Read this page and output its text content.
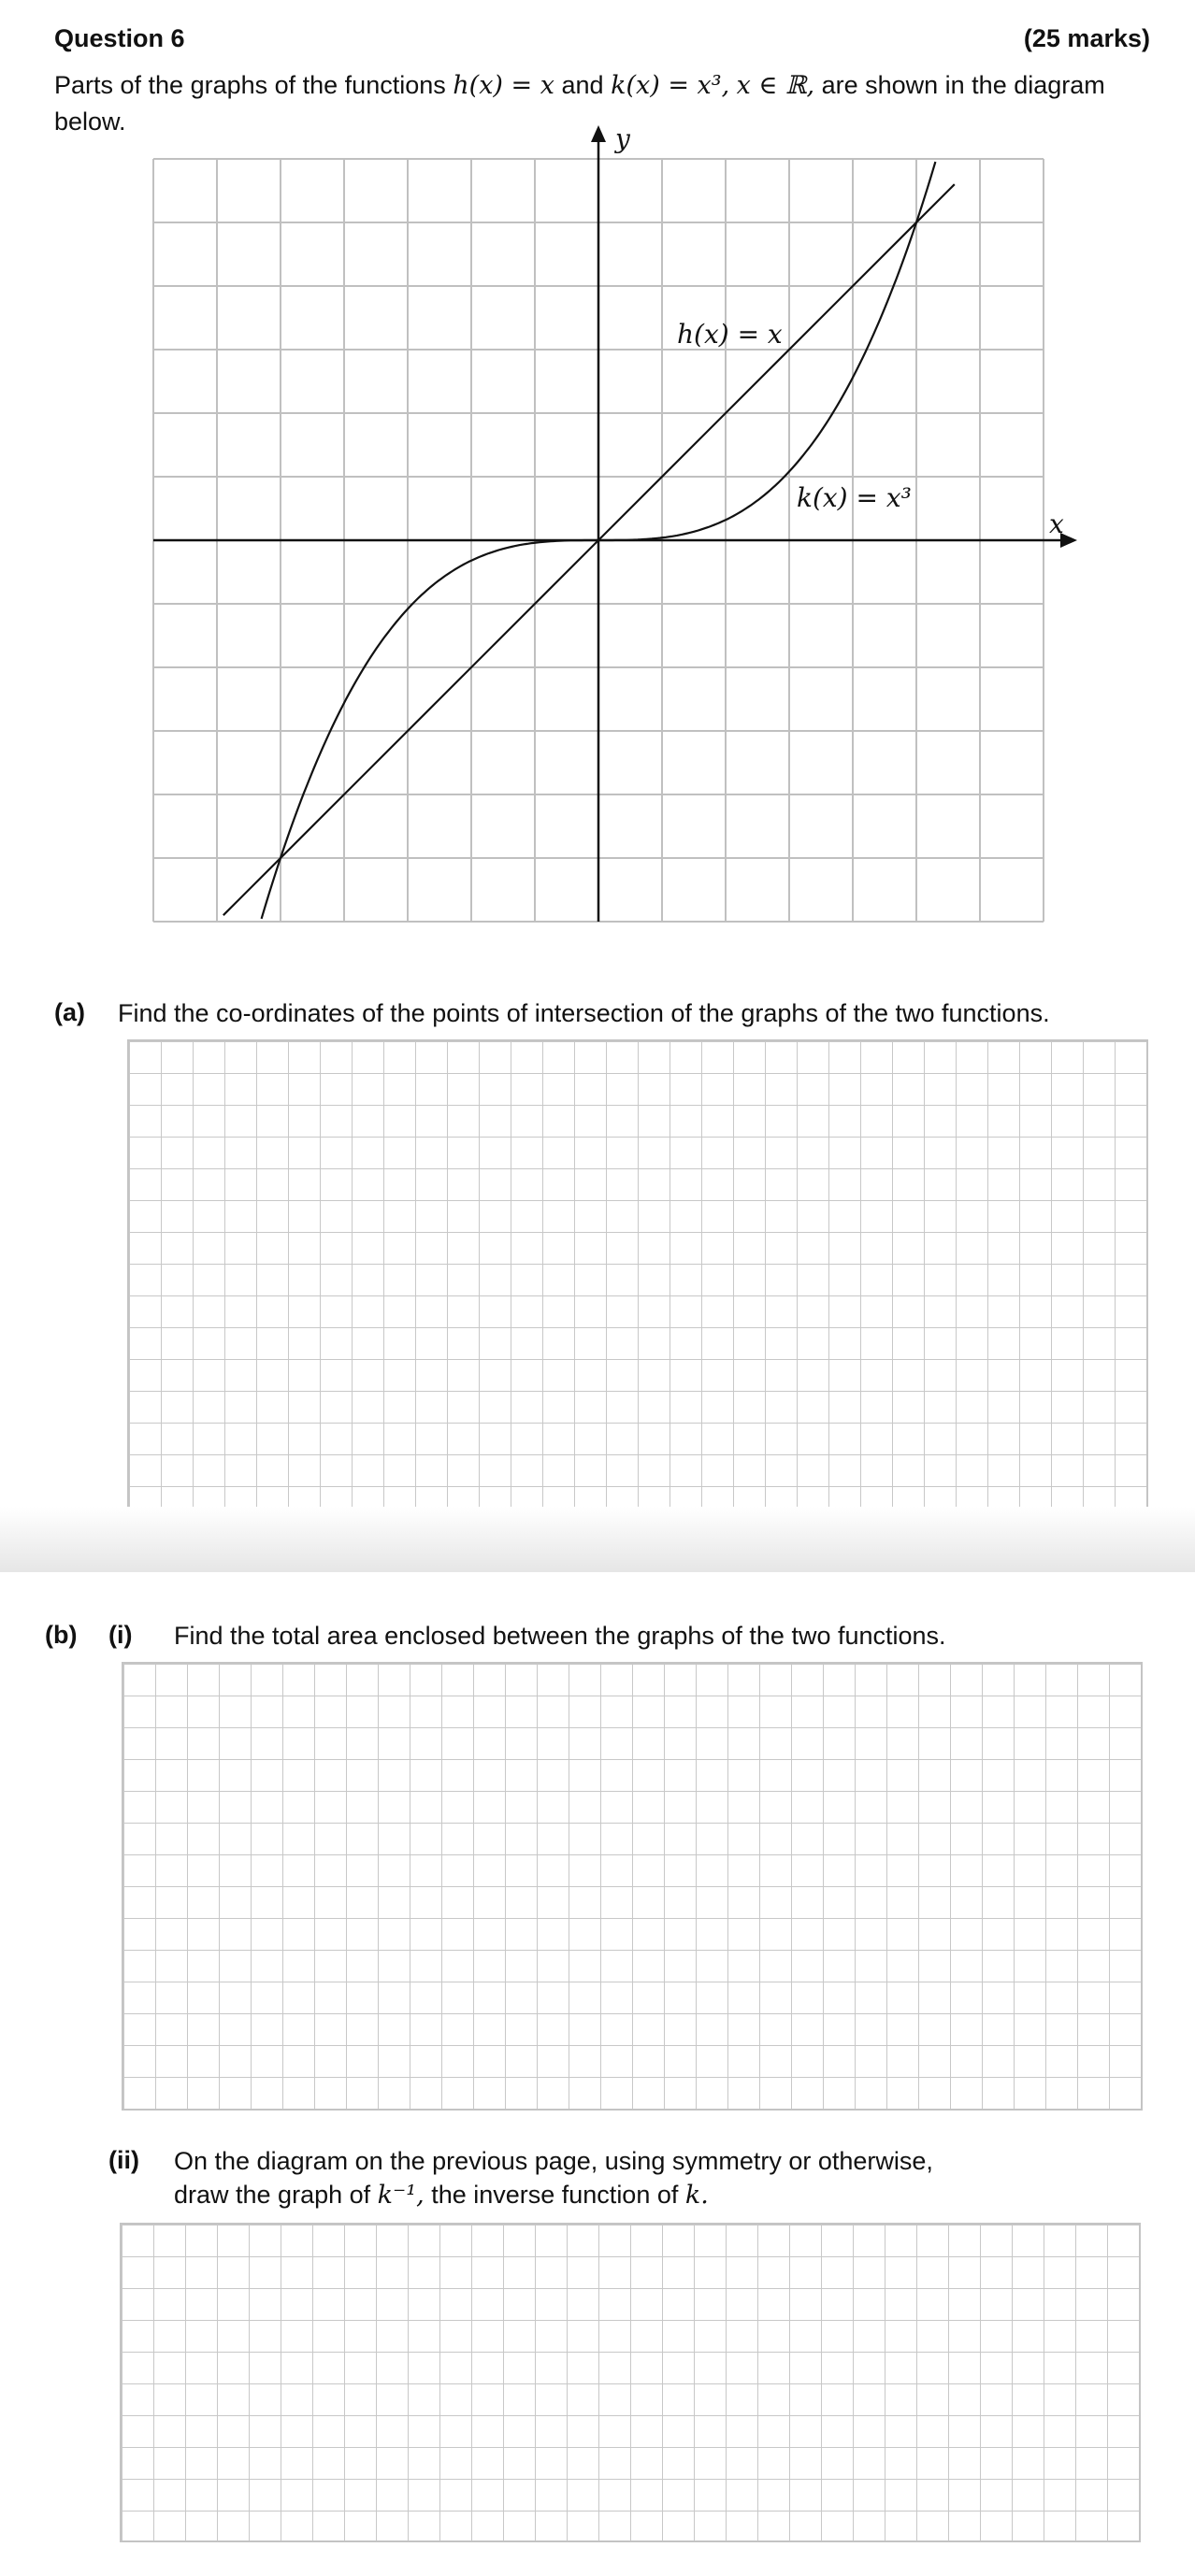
Question 6	(25 marks)
Parts of the graphs of the functions h(x) = x and k(x) = x³, x ∈ ℝ, are shown in the diagram below.
x
y
h(x) = x
k(x) = x³
(a) Find the co-ordinates of the points of intersection of the graphs of the two functions.
(b) (i) Find the total area enclosed between the graphs of the two functions.
(ii) On the diagram on the previous page, using symmetry or otherwise,
draw the graph of k⁻¹, the inverse function of k.
